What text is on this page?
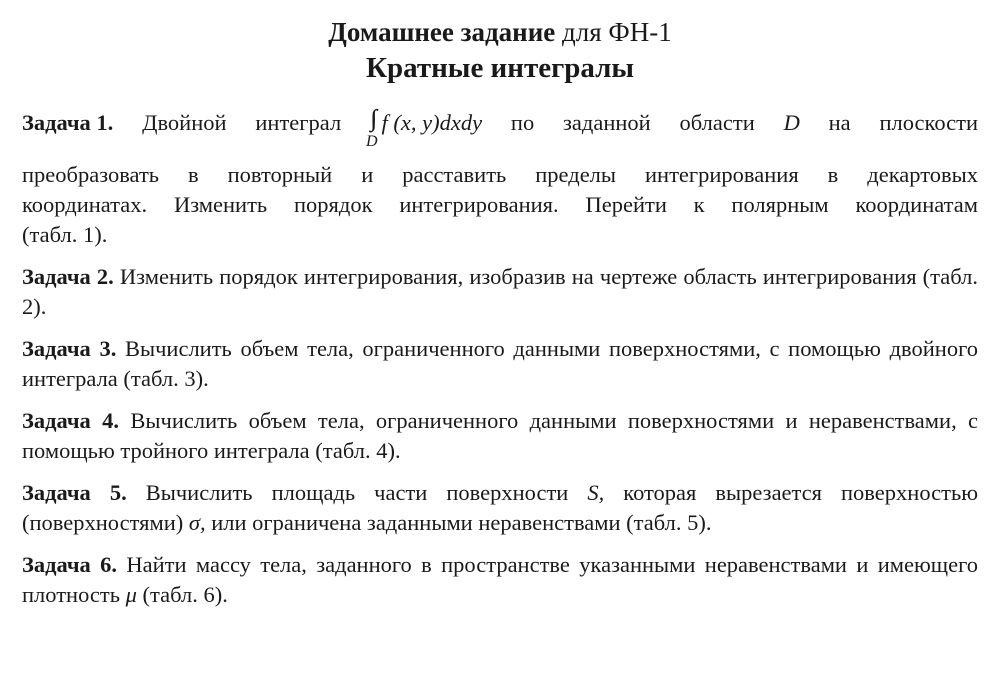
Домашнее задание для ФН-1
Кратные интегралы
Задача 1. Двойной интеграл
D
f (x, y)dxdy по заданной области D на плоскости
преобразовать в повторный и расставить пределы интегрирования в декартовых
координатах. Изменить порядок интегрирования. Перейти к полярным координатам
(табл. 1).
Задача 2. Изменить порядок интегрирования, изобразив на чертеже область интегрирования (табл. 2).
Задача 3. Вычислить объем тела, ограниченного данными поверхностями, с помощью двойного интеграла (табл. 3).
Задача 4. Вычислить объем тела, ограниченного данными поверхностями и неравенствами, с помощью тройного интеграла (табл. 4).
Задача 5. Вычислить площадь части поверхности S, которая вырезается поверхностью (поверхностями) σ, или ограничена заданными неравенствами (табл. 5).
Задача 6. Найти массу тела, заданного в пространстве указанными неравенствами и имеющего плотность μ (табл. 6).
